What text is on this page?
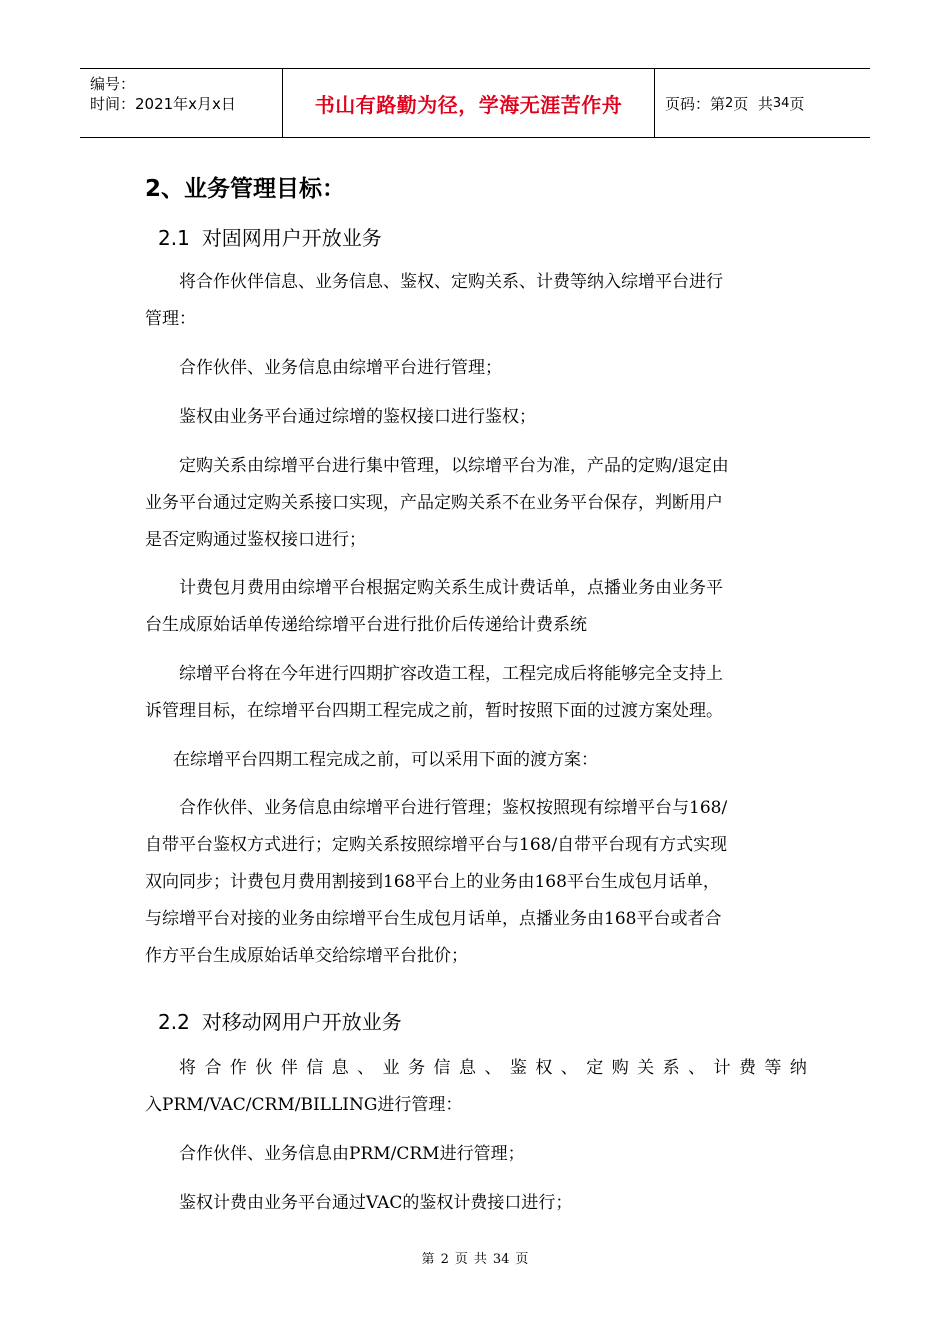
编号：
时间：2021年x月x日	书山有路勤为径，学海无涯苦作舟	页码：第 2 页  共 34 页
2、业务管理目标：
2.1 对固网用户开放业务
将合作伙伴信息、业务信息、鉴权、定购关系、计费等纳入综增平台进行
管理：
合作伙伴、业务信息由综增平台进行管理；
鉴权由业务平台通过综增的鉴权接口进行鉴权；
定购关系由综增平台进行集中管理，以综增平台为准，产品的定购/退定由
业务平台通过定购关系接口实现，产品定购关系不在业务平台保存，判断用户
是否定购通过鉴权接口进行；
计费包月费用由综增平台根据定购关系生成计费话单，点播业务由业务平
台生成原始话单传递给综增平台进行批价后传递给计费系统
综增平台将在今年进行四期扩容改造工程，工程完成后将能够完全支持上
诉管理目标，在综增平台四期工程完成之前，暂时按照下面的过渡方案处理。
在综增平台四期工程完成之前，可以采用下面的渡方案：
合作伙伴、业务信息由综增平台进行管理；鉴权按照现有综增平台与168/
自带平台鉴权方式进行；定购关系按照综增平台与168/自带平台现有方式实现
双向同步；计费包月费用割接到168平台上的业务由168平台生成包月话单，
与综增平台对接的业务由综增平台生成包月话单，点播业务由168平台或者合
作方平台生成原始话单交给综增平台批价；
2.2 对移动网用户开放业务
将 合 作 伙 伴 信 息 、 业 务 信 息 、 鉴 权 、 定 购 关 系 、 计 费 等 纳
入PRM/VAC/CRM/BILLING进行管理：
合作伙伴、业务信息由PRM/CRM进行管理；
鉴权计费由业务平台通过VAC的鉴权计费接口进行；
第 2 页 共 34 页
